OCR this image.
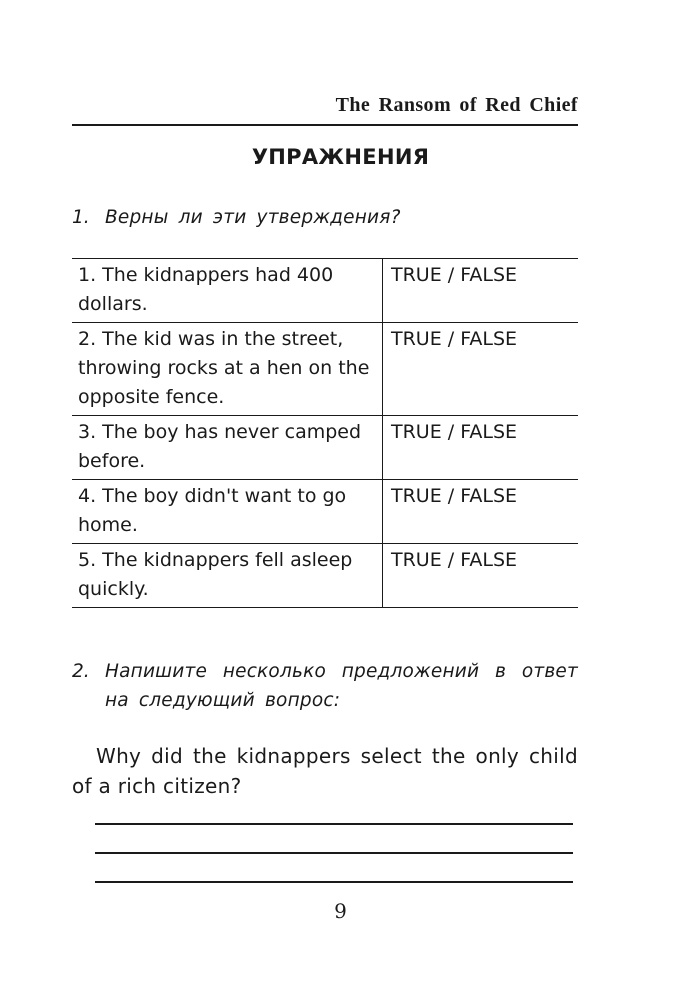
The Ransom of Red Chief
УПРАЖНЕНИЯ
1. Верны ли эти утверждения?
1. The kidnappers had 400 dollars.	TRUE / FALSE
2. The kid was in the street, throwing rocks at a hen on the opposite fence.	TRUE / FALSE
3. The boy has never camped before.	TRUE / FALSE
4. The boy didn't want to go home.	TRUE / FALSE
5. The kidnappers fell asleep quickly.	TRUE / FALSE
2. Напишите несколько предложений в ответ на следующий вопрос:
Why did the kidnappers select the only child of a rich citizen?
9
